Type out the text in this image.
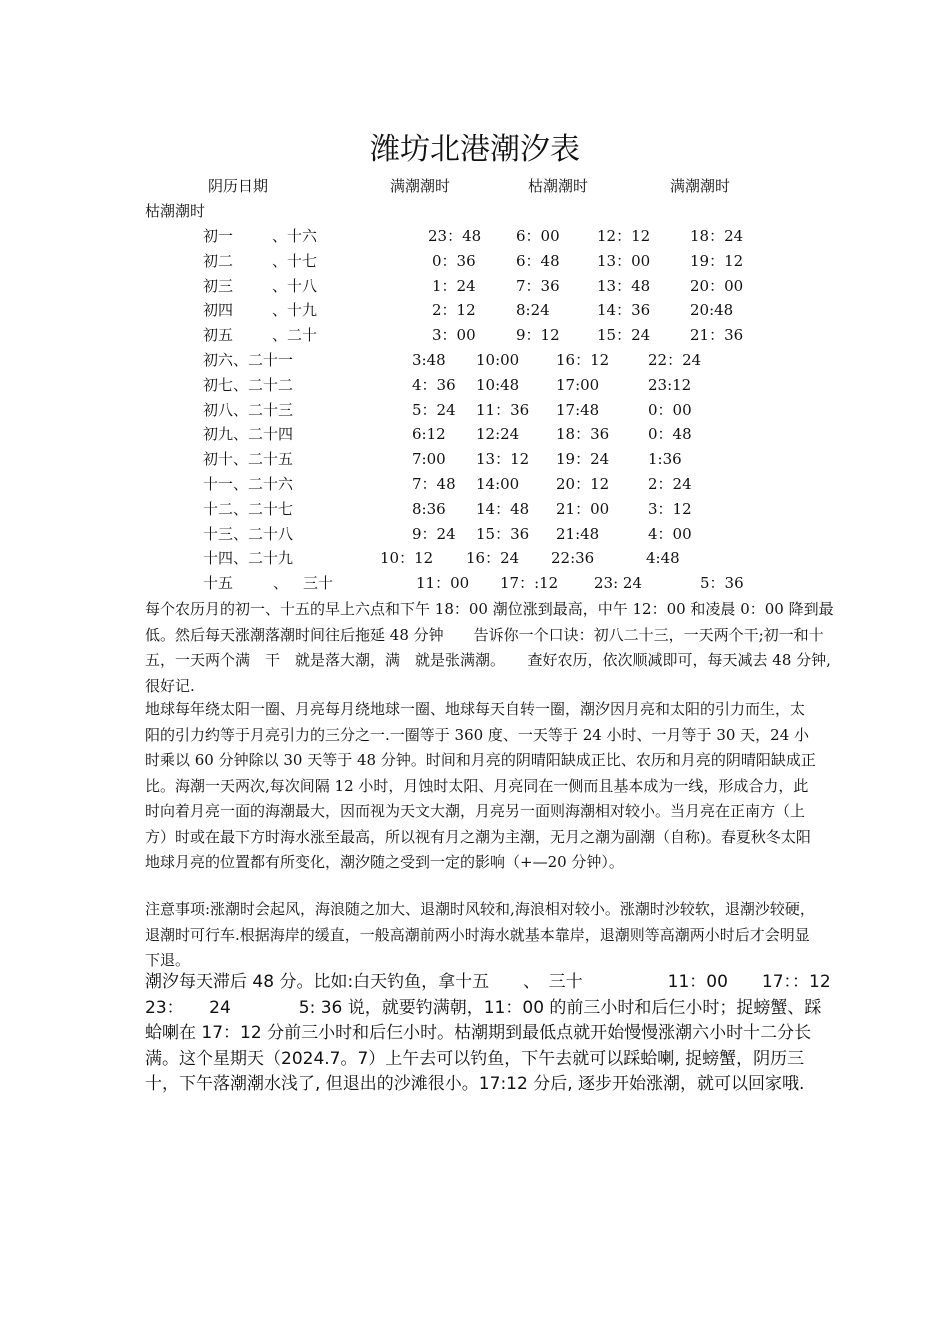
潍坊北港潮汐表
阴历日期	满潮潮时	枯潮潮时	满潮潮时
枯潮潮时
初一	、十六	23：48 6：00 12：12	18：24
初二	、十七	0：36	6：48 13：00	19：12
初三	、十八	1：24	7：36 13：48	20：00
初四	、十九	2：12	8:24	14：36	20:48
初五	、二十	3：00	9：12 15：24	21：36
初六、二十一	3:48 10:00 16：12	22：24
初七、二十二	4：36 10:48 17:00	23:12
初八、二十三	5：24 11：36 17:48	0：00
初九、二十四	6:12 12:24 18：36	0：48
初十、二十五	7:00 13：12 19：24	1:36
十一、二十六	7：48 14:00 20：12	2：24
十二、二十七	8:36 14：48 21：00	3：12
十三、二十八	9：24 15：36 21:48	4：00
十四、二十九	10：12 16：24 22:36	4:48
十五	、 三十	11：00 17：:12 23: 24	5：36

每个农历月的初一、十五的早上六点和下午 18：00 潮位涨到最高，中午 12：00 和凌晨 0：00 降到最低。然后每天涨潮落潮时间往后拖延 48 分钟　　告诉你一个口诀：初八二十三，一天两个干;初一和十五，一天两个满　干　就是落大潮，满　就是张满潮。　　查好农历，依次顺减即可，每天减去 48 分钟,很好记.

地球每年绕太阳一圈、月亮每月绕地球一圈、地球每天自转一圈，潮汐因月亮和太阳的引力而生，太阳的引力约等于月亮引力的三分之一.一圈等于 360 度、一天等于 24 小时、一月等于 30 天，24 小时乘以 60 分钟除以 30 天等于 48 分钟。时间和月亮的阴晴阳缺成正比、农历和月亮的阴晴阳缺成正比。海潮一天两次,每次间隔 12 小时，月蚀时太阳、月亮同在一侧而且基本成为一线，形成合力，此时向着月亮一面的海潮最大，因而视为天文大潮，月亮另一面则海潮相对较小。当月亮在正南方（上方）时或在最下方时海水涨至最高，所以视有月之潮为主潮，无月之潮为副潮（自称)。春夏秋冬太阳地球月亮的位置都有所变化，潮汐随之受到一定的影响（+—20 分钟）。

注意事项:涨潮时会起风，海浪随之加大、退潮时风较和,海浪相对较小。涨潮时沙较软，退潮沙较硬，退潮时可行车.根据海岸的缓直，一般高潮前两小时海水就基本靠岸，退潮则等高潮两小时后才会明显下退。

潮汐每天滞后 48 分。比如:白天钓鱼，拿十五　　、　三十　　　　　11：00　　17：：12　　23：　　24　　　　5: 36 说，就要钓满朝，11：00 的前三小时和后仨小时；捉螃蟹、踩蛤喇在 17：12 分前三小时和后仨小时。枯潮期到最低点就开始慢慢涨潮六小时十二分长满。这个星期天（2024.7。7）上午去可以钓鱼，下午去就可以踩蛤喇, 捉螃蟹，阴历三十，下午落潮潮水浅了, 但退出的沙滩很小。17:12 分后, 逐步开始涨潮，就可以回家哦.
